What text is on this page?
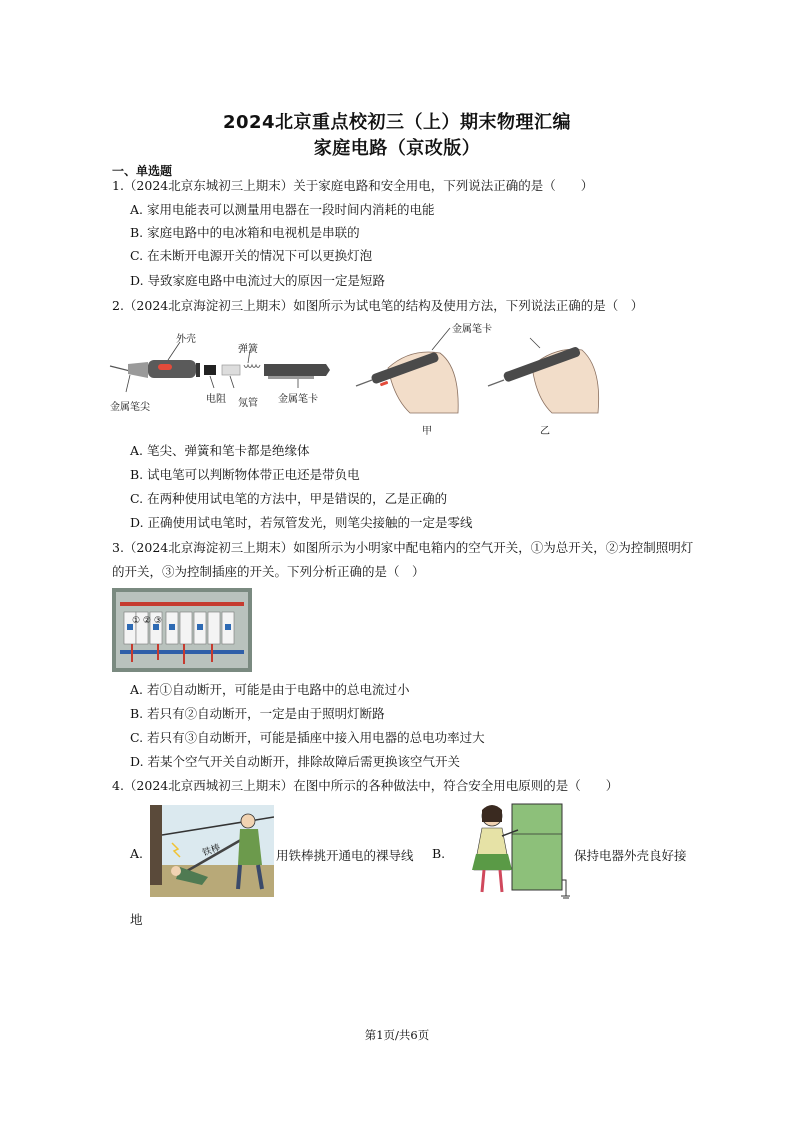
2024北京重点校初三（上）期末物理汇编
家庭电路（京改版）
一、单选题
1.（2024北京东城初三上期末）关于家庭电路和安全用电，下列说法正确的是（　　）
A. 家用电能表可以测量用电器在一段时间内消耗的电能
B. 家庭电路中的电冰箱和电视机是串联的
C. 在未断开电源开关的情况下可以更换灯泡
D. 导致家庭电路中电流过大的原因一定是短路
2.（2024北京海淀初三上期末）如图所示为试电笔的结构及使用方法，下列说法正确的是（　）
外壳
弹簧
金属笔尖
电阻 氖管 金属笔卡
金属笔卡
甲	乙
A. 笔尖、弹簧和笔卡都是绝缘体
B. 试电笔可以判断物体带正电还是带负电
C. 在两种使用试电笔的方法中，甲是错误的，乙是正确的
D. 正确使用试电笔时，若氖管发光，则笔尖接触的一定是零线
3.（2024北京海淀初三上期末）如图所示为小明家中配电箱内的空气开关，①为总开关，②为控制照明灯
的开关，③为控制插座的开关。下列分析正确的是（　）
① ② ③
A. 若①自动断开，可能是由于电路中的总电流过小
B. 若只有②自动断开，一定是由于照明灯断路
C. 若只有③自动断开，可能是插座中接入用电器的总电功率过大
D. 若某个空气开关自动断开，排除故障后需更换该空气开关
4.（2024北京西城初三上期末）在图中所示的各种做法中，符合安全用电原则的是（　　）
A.	铁棒	用铁棒挑开通电的裸导线 B.	保持电器外壳良好接
地
第1页/共6页
